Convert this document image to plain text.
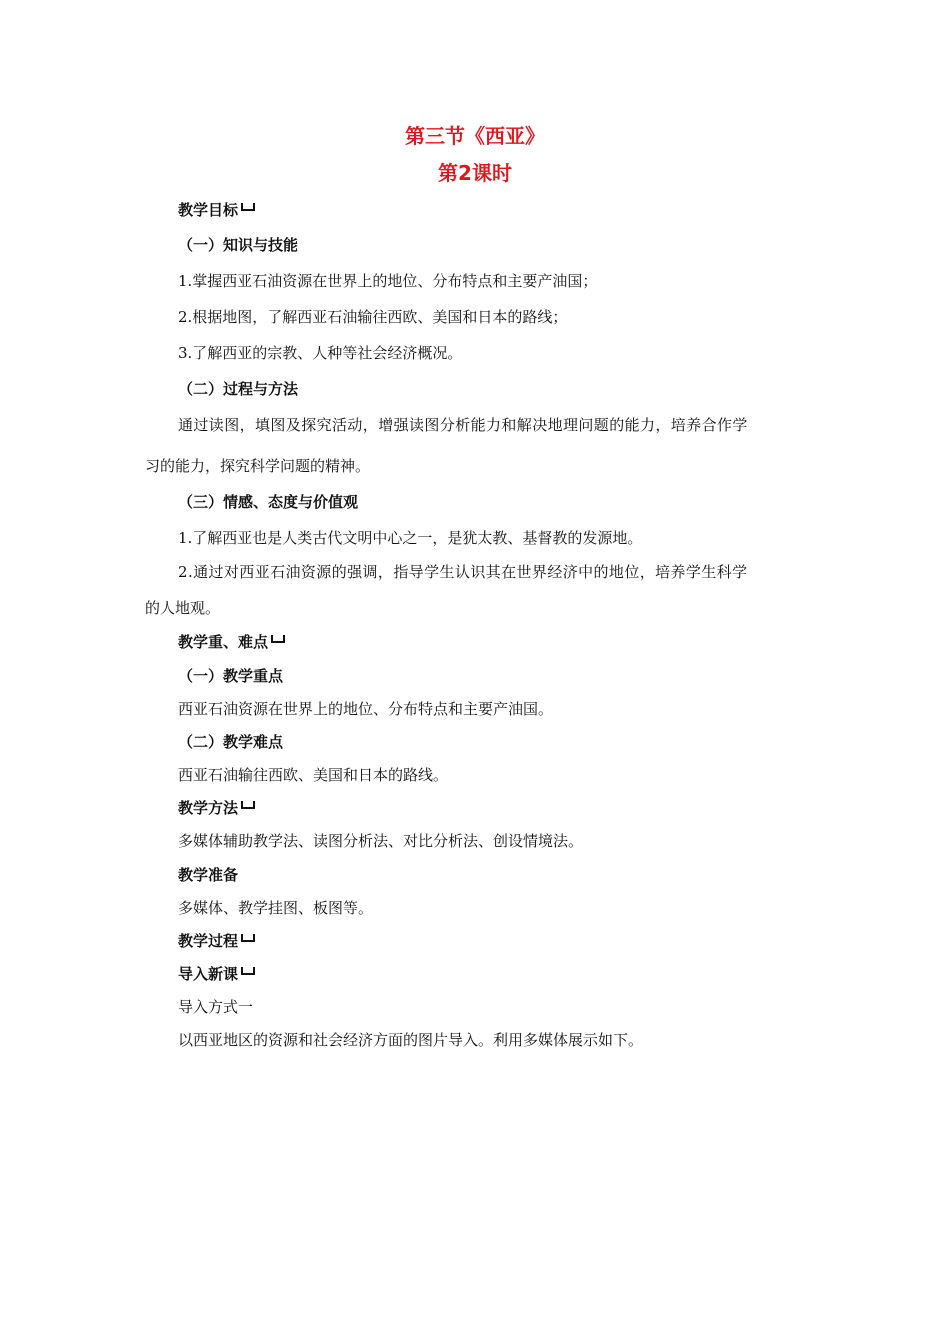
第三节《西亚》
第2课时
教学目标
（一）知识与技能
1.掌握西亚石油资源在世界上的地位、分布特点和主要产油国；
2.根据地图，了解西亚石油输往西欧、美国和日本的路线；
3.了解西亚的宗教、人种等社会经济概况。
（二）过程与方法
通过读图，填图及探究活动，增强读图分析能力和解决地理问题的能力，培养合作学
习的能力，探究科学问题的精神。
（三）情感、态度与价值观
1.了解西亚也是人类古代文明中心之一，是犹太教、基督教的发源地。
2.通过对西亚石油资源的强调，指导学生认识其在世界经济中的地位，培养学生科学
的人地观。
教学重、难点
（一）教学重点
西亚石油资源在世界上的地位、分布特点和主要产油国。
（二）教学难点
西亚石油输往西欧、美国和日本的路线。
教学方法
多媒体辅助教学法、读图分析法、对比分析法、创设情境法。
教学准备
多媒体、教学挂图、板图等。
教学过程
导入新课
导入方式一
以西亚地区的资源和社会经济方面的图片导入。利用多媒体展示如下。
